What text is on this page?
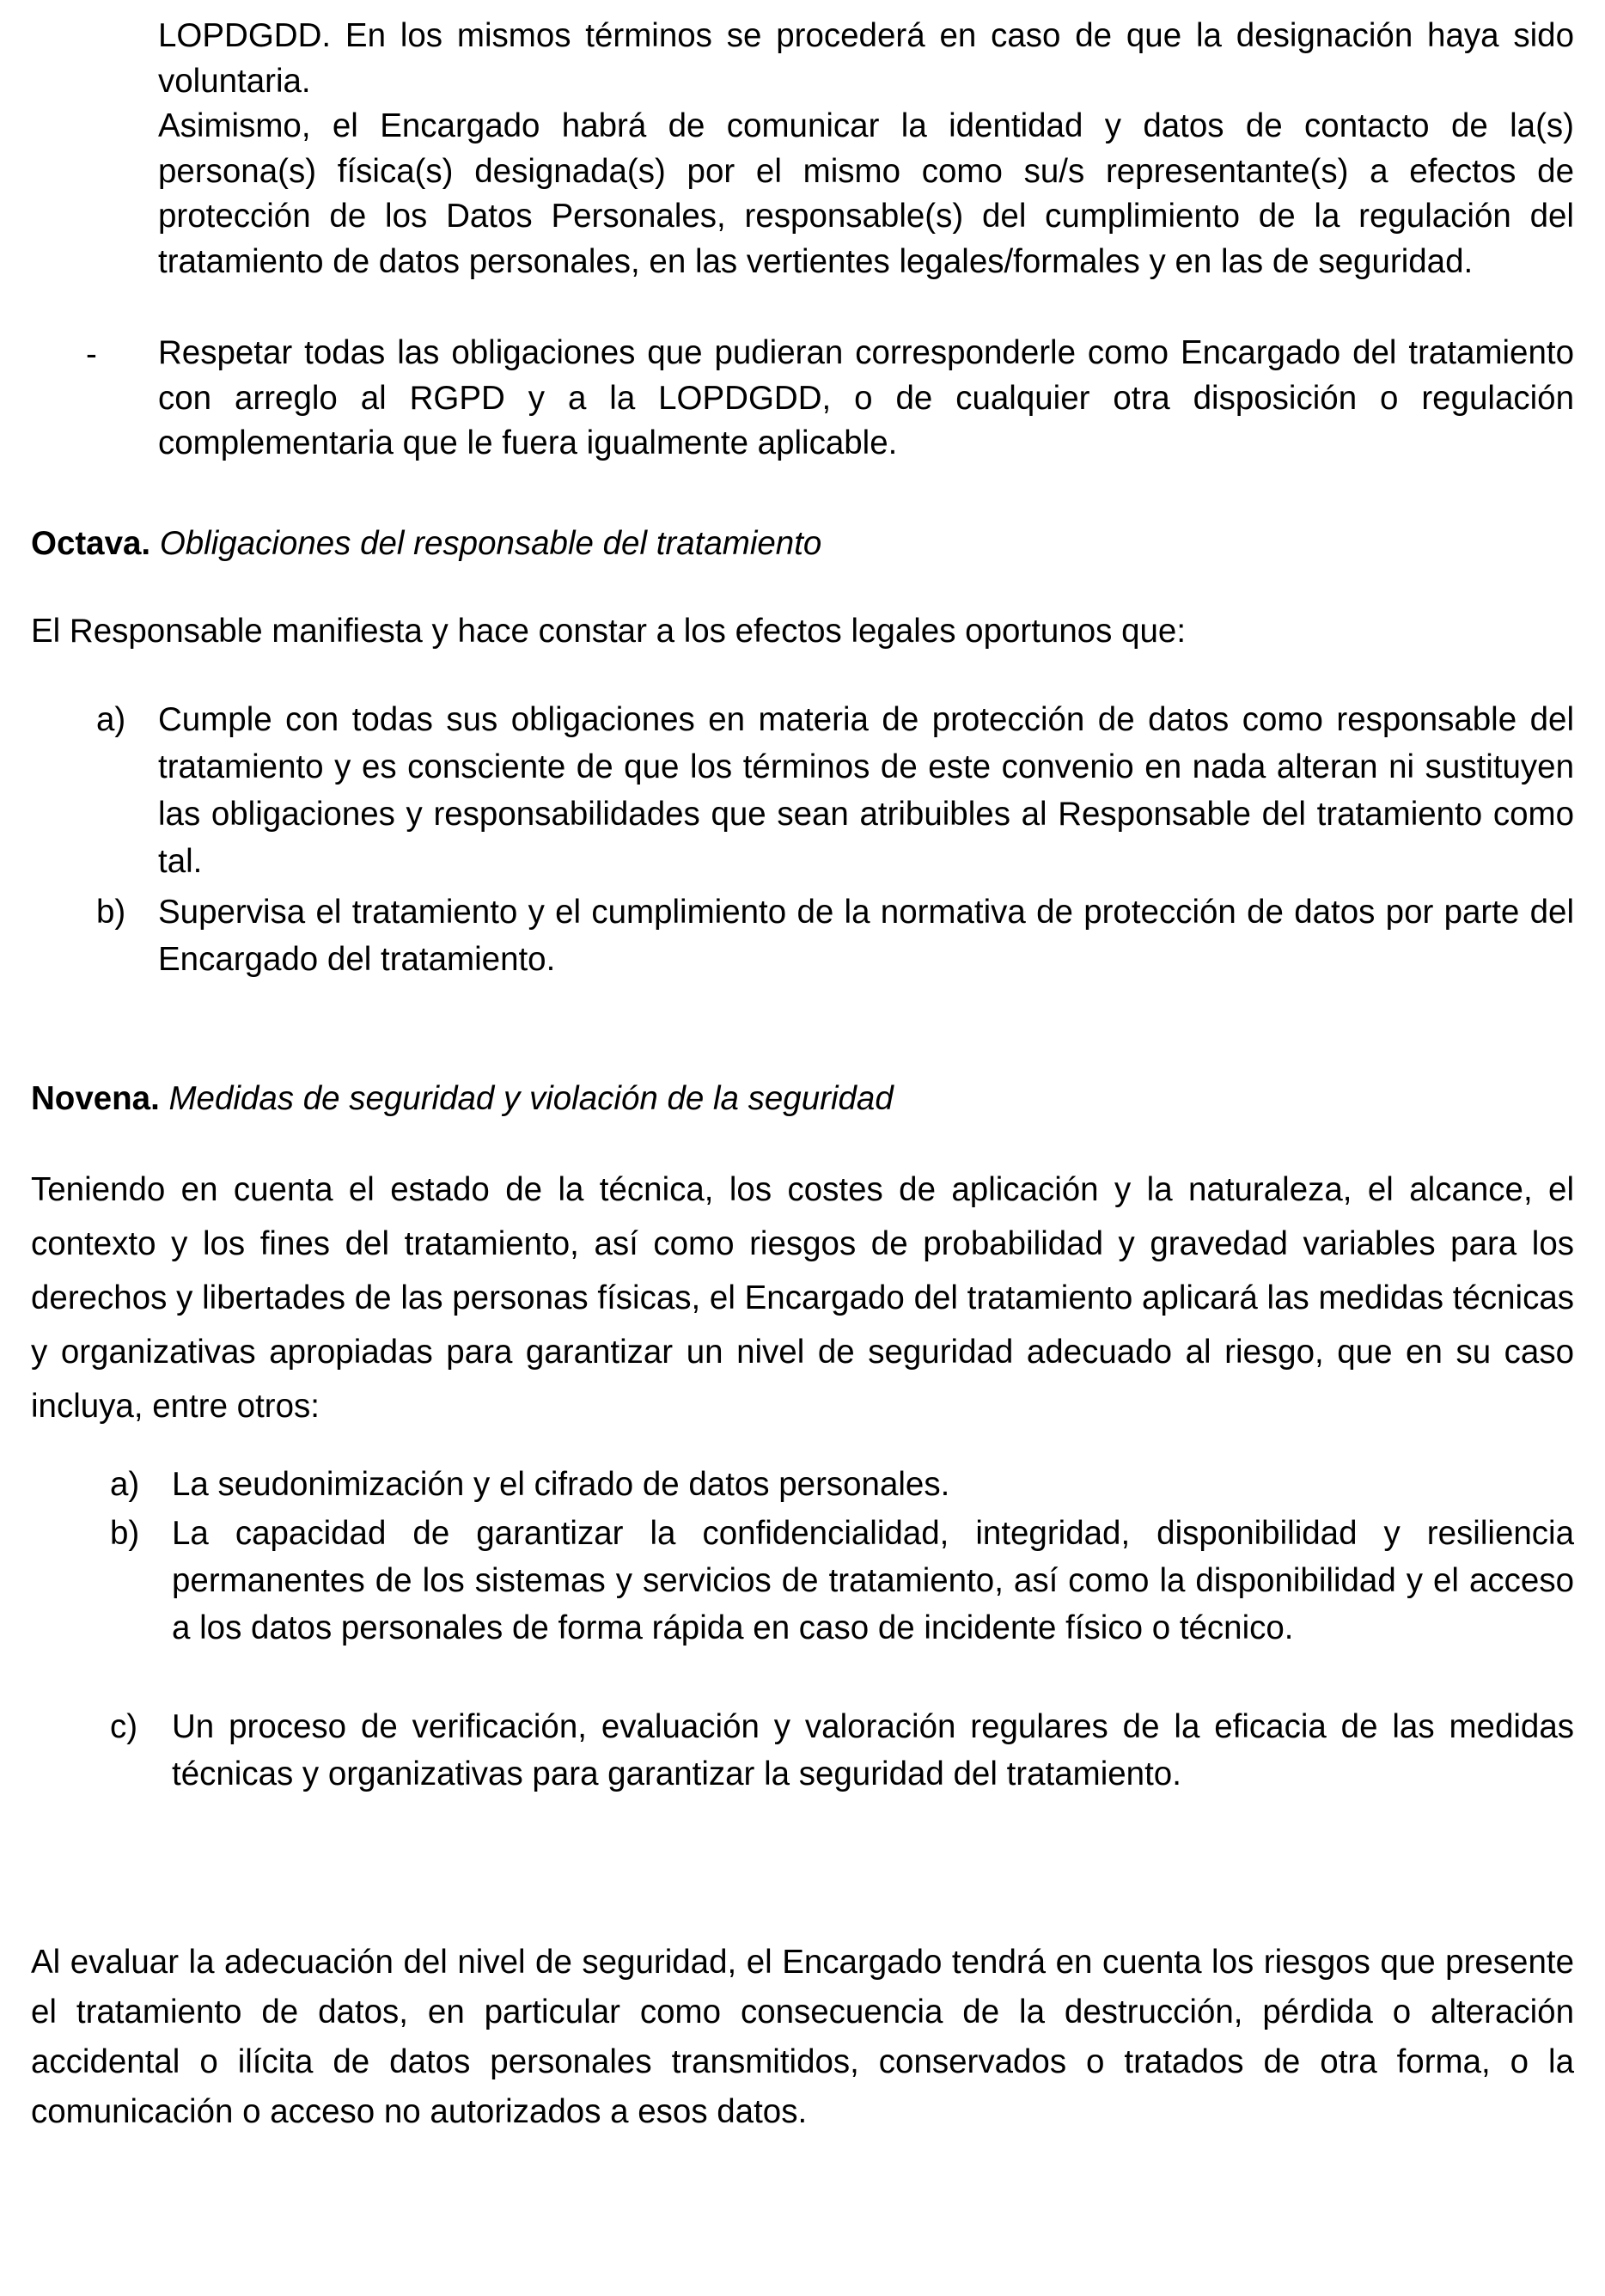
LOPDGDD. En los mismos términos se procederá en caso de que la designación haya sido voluntaria.
Asimismo, el Encargado habrá de comunicar la identidad y datos de contacto de la(s) persona(s) física(s) designada(s) por el mismo como su/s representante(s) a efectos de protección de los Datos Personales, responsable(s) del cumplimiento de la regulación del tratamiento de datos personales, en las vertientes legales/formales y en las de seguridad.
- Respetar todas las obligaciones que pudieran corresponderle como Encargado del tratamiento con arreglo al RGPD y a la LOPDGDD, o de cualquier otra disposición o regulación complementaria que le fuera igualmente aplicable.
Octava. Obligaciones del responsable del tratamiento
El Responsable manifiesta y hace constar a los efectos legales oportunos que:
a) Cumple con todas sus obligaciones en materia de protección de datos como responsable del tratamiento y es consciente de que los términos de este convenio en nada alteran ni sustituyen las obligaciones y responsabilidades que sean atribuibles al Responsable del tratamiento como tal.
b) Supervisa el tratamiento y el cumplimiento de la normativa de protección de datos por parte del Encargado del tratamiento.
Novena. Medidas de seguridad y violación de la seguridad
Teniendo en cuenta el estado de la técnica, los costes de aplicación y la naturaleza, el alcance, el contexto y los fines del tratamiento, así como riesgos de probabilidad y gravedad variables para los derechos y libertades de las personas físicas, el Encargado del tratamiento aplicará las medidas técnicas y organizativas apropiadas para garantizar un nivel de seguridad adecuado al riesgo, que en su caso incluya, entre otros:
a) La seudonimización y el cifrado de datos personales.
b) La capacidad de garantizar la confidencialidad, integridad, disponibilidad y resiliencia permanentes de los sistemas y servicios de tratamiento, así como la disponibilidad y el acceso a los datos personales de forma rápida en caso de incidente físico o técnico.
c) Un proceso de verificación, evaluación y valoración regulares de la eficacia de las medidas técnicas y organizativas para garantizar la seguridad del tratamiento.
Al evaluar la adecuación del nivel de seguridad, el Encargado tendrá en cuenta los riesgos que presente el tratamiento de datos, en particular como consecuencia de la destrucción, pérdida o alteración accidental o ilícita de datos personales transmitidos, conservados o tratados de otra forma, o la comunicación o acceso no autorizados a esos datos.
